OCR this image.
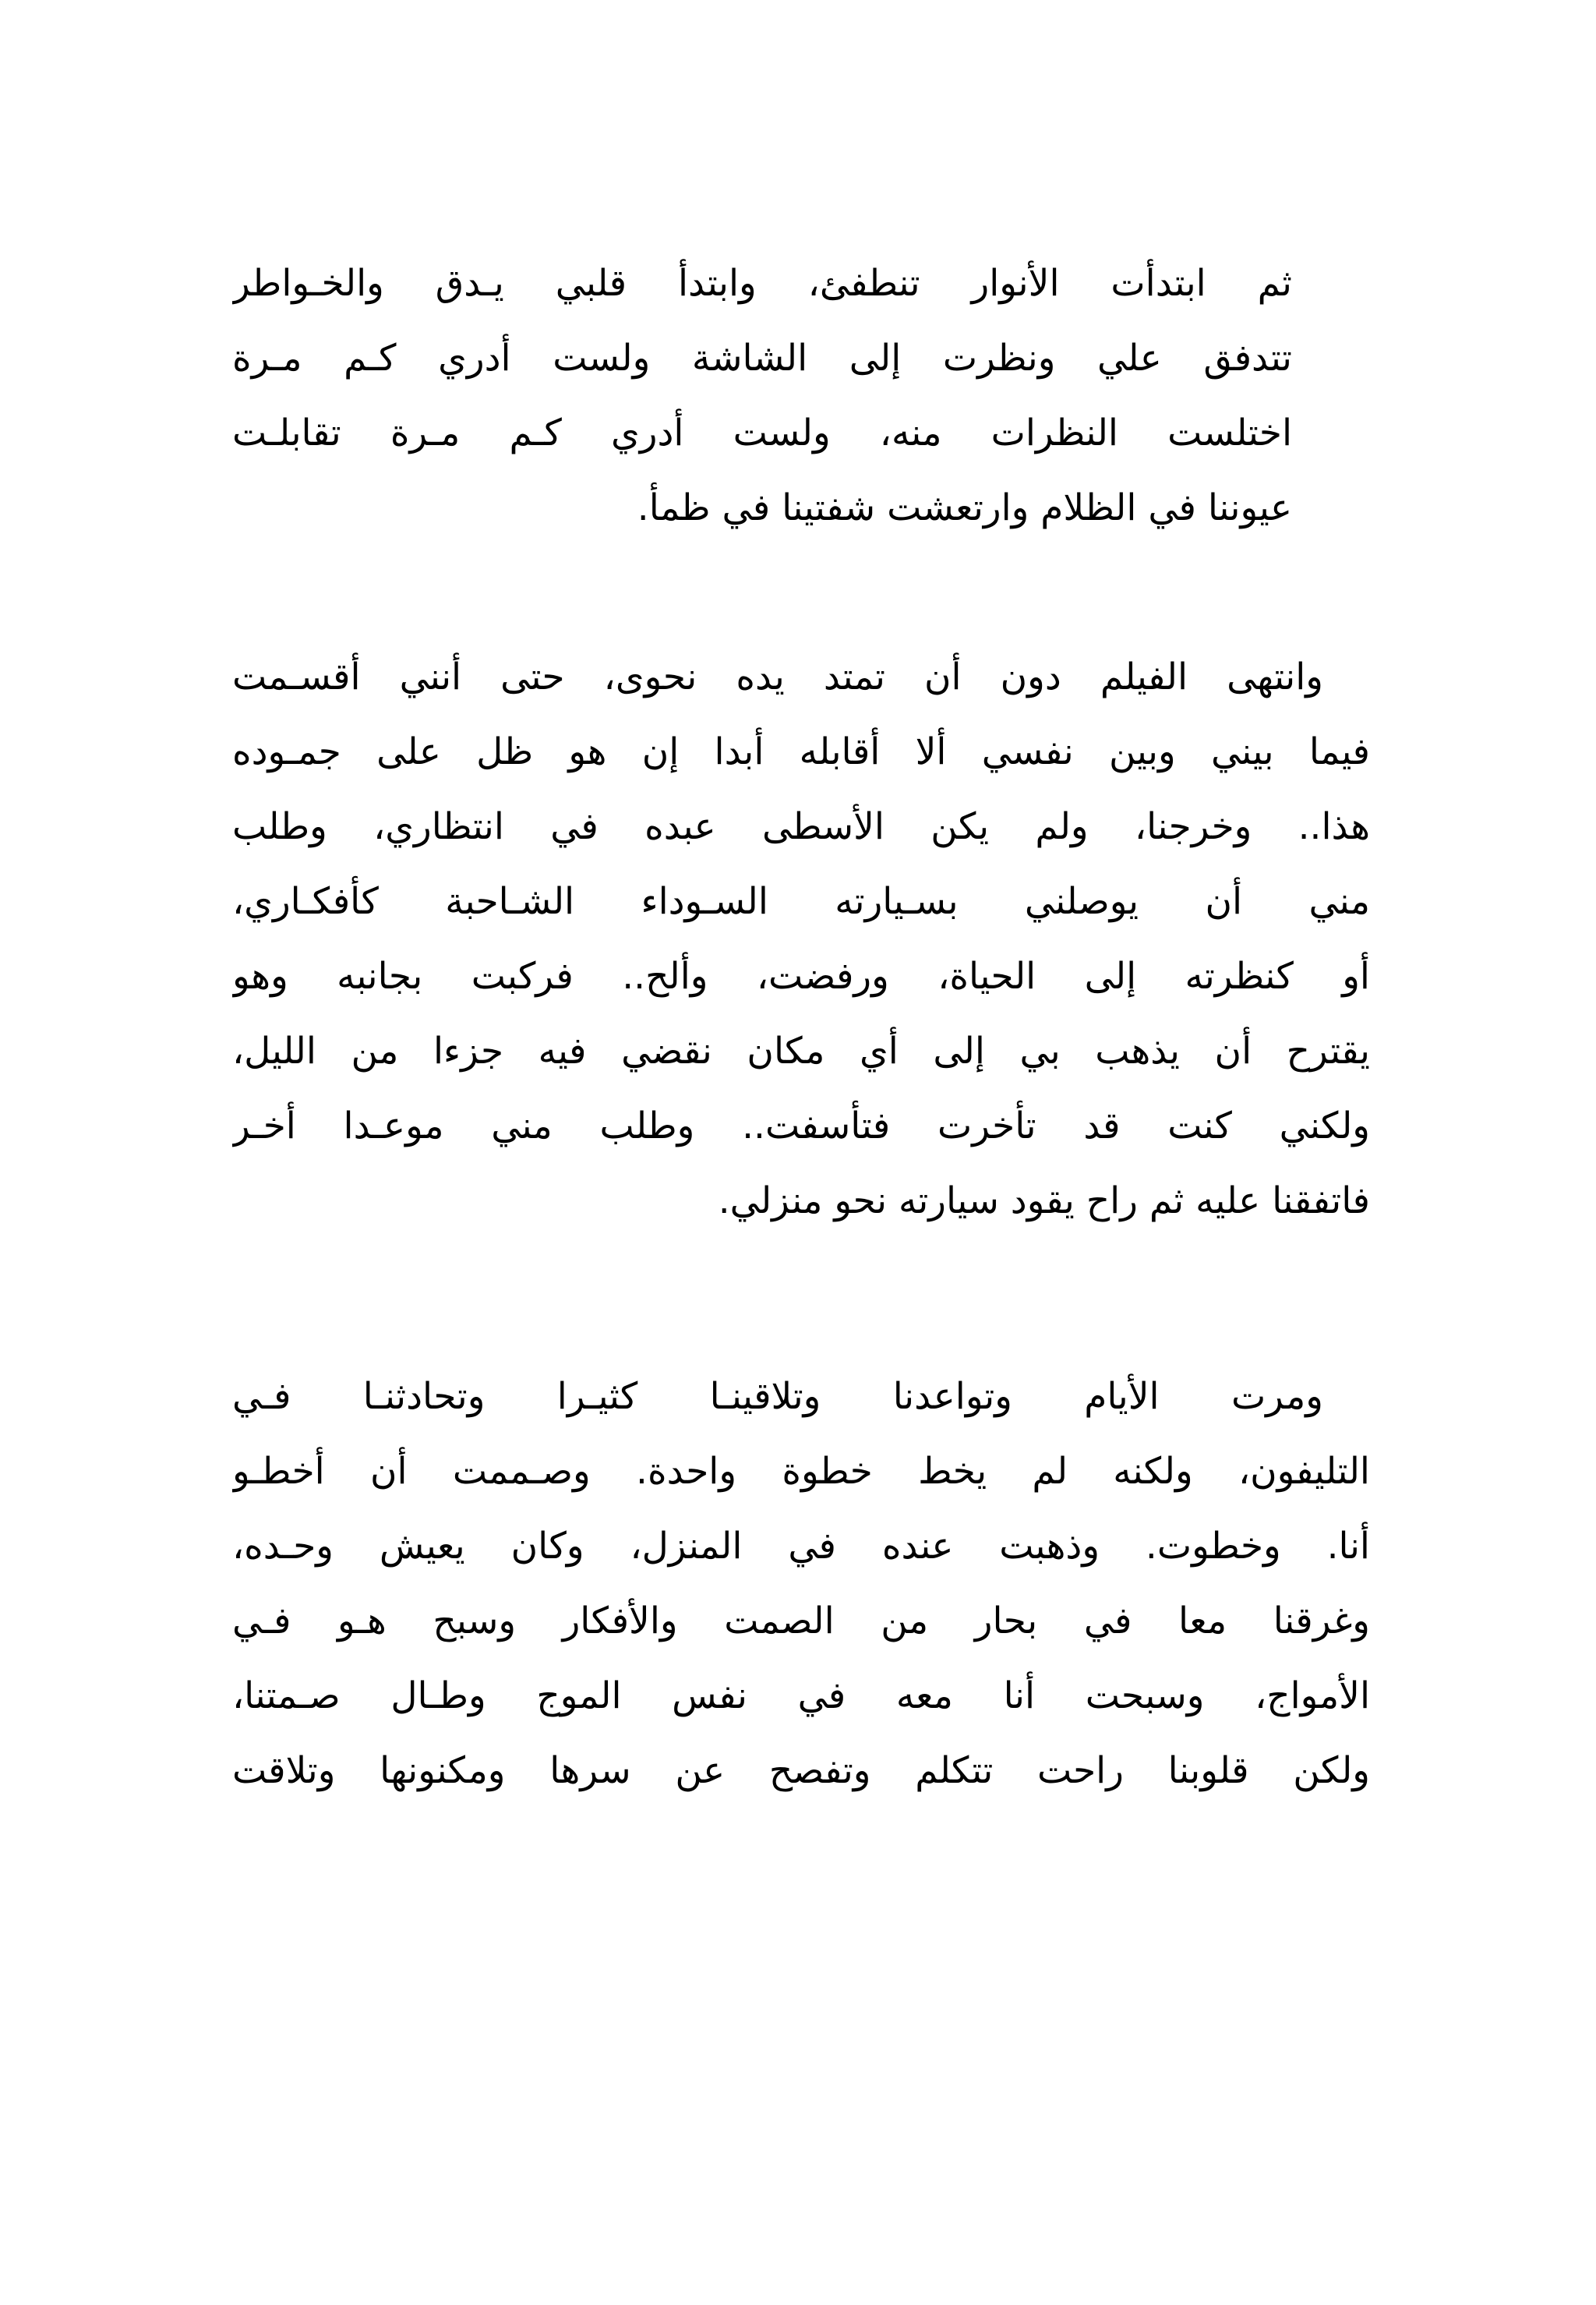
ثم ابتدأت الأنوار تنطفئ، وابتدأ قلبي يـدق والخـواطر
تتدفق علي ونظرت إلى الشاشة ولست أدري كـم مـرة
اختلست النظرات منه، ولست أدري كـم مـرة تقابلـت
عيوننا في الظلام وارتعشت شفتينا في ظمأ.
وانتهى الفيلم دون أن تمتد يده نحوى، حتى أنني أقسـمت
فيما بيني وبين نفسي ألا أقابله أبدا إن هو ظل على جمـوده
هذا.. وخرجنا، ولم يكن الأسطى عبده في انتظاري، وطلب
مني أن يوصلني بسـيارته السـوداء الشـاحبة كأفكـاري،
أو كنظرته إلى الحياة، ورفضت، وألح.. فركبت بجانبه وهو
يقترح أن يذهب بي إلى أي مكان نقضي فيه جزءا من الليل،
ولكني كنت قد تأخرت فتأسفت.. وطلب مني موعـدا أخـر
فاتفقنا عليه ثم راح يقود سيارته نحو منزلي.
ومرت الأيام وتواعدنا وتلاقينـا كثيـرا وتحادثنـا فـي
التليفون، ولكنه لم يخط خطوة واحدة. وصـممت أن أخطـو
أنا. وخطوت. وذهبت عنده في المنزل، وكان يعيش وحـده،
وغرقنا معا في بحار من الصمت والأفكار وسبح هـو فـي
الأمواج، وسبحت أنا معه في نفس الموج وطـال صـمتنا،
ولكن قلوبنا راحت تتكلم وتفصح عن سرها ومكنونها وتلاقت
